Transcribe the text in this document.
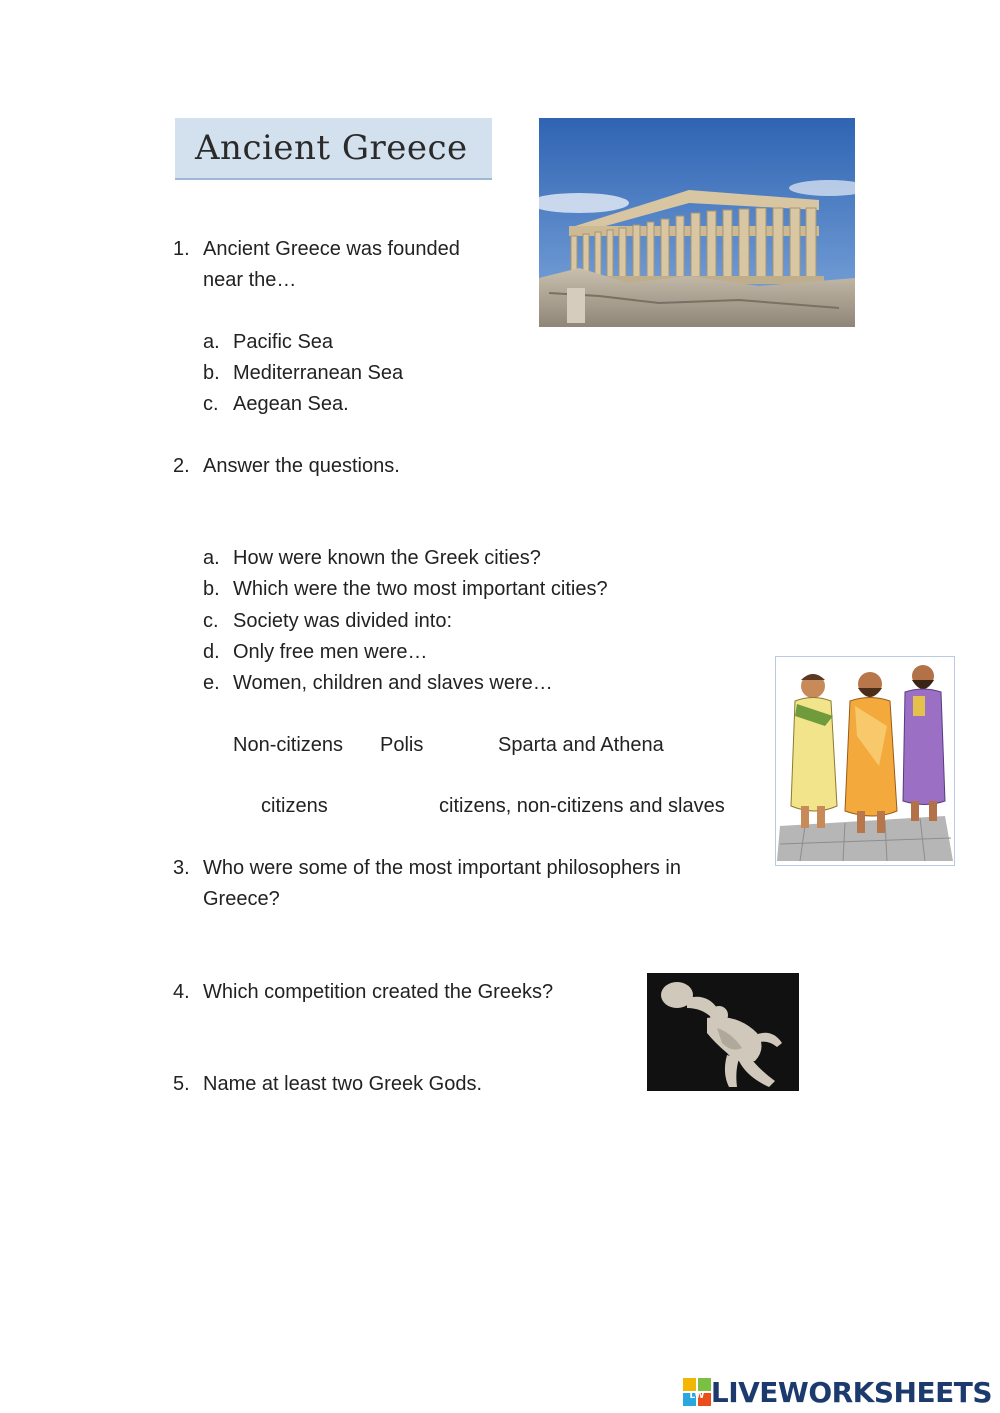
Ancient Greece
1. Ancient Greece was founded
near the…
a. Pacific Sea
b. Mediterranean Sea
c. Aegean Sea.
2. Answer the questions.
a. How were known the Greek cities?
b. Which were the two most important cities?
c. Society was divided into:
d. Only free men were…
e. Women, children and slaves were…
Non-citizens Polis	Sparta and Athena
citizens	citizens, non-citizens and slaves
3. Who were some of the most important philosophers in
Greece?
4. Which competition created the Greeks?
5. Name at least two Greek Gods.
LW LIVEWORKSHEETS
